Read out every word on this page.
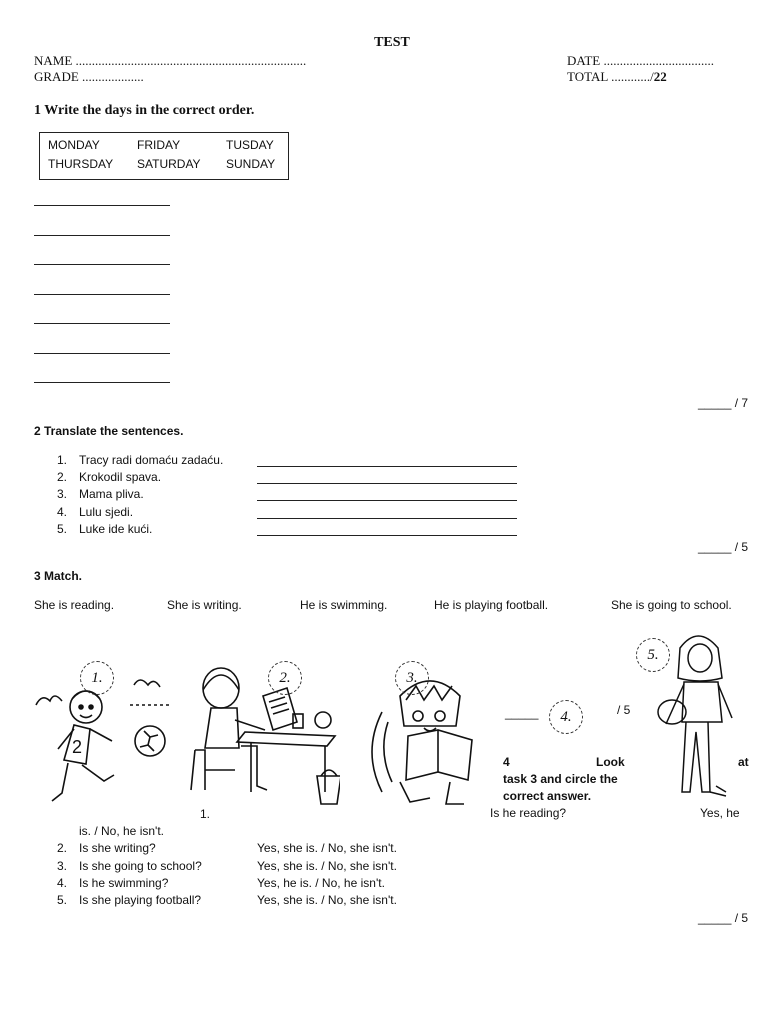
TEST
NAME .......................................................................
GRADE ...................
DATE ..................................
TOTAL ............/22
1 Write the days in the correct order.
MONDAY	FRIDAY	TUSDAY
THURSDAY SATURDAY SUNDAY
_____ / 7
2 Translate the sentences.
1. Tracy radi domaću zadaću.
2. Krokodil spava.
3. Mama pliva.
4. Lulu sjedi.
5. Luke ide kući.
_____ / 5
3 Match.
She is reading.	She is writing.	He is swimming.	He is playing football.	She is going to school.
2
1.	2.	3.
_____	4.	/ 5
5.
4	Look	at
task 3 and circle the
correct answer.
1.	Is he reading?	Yes, he
is. / No, he isn't.
2. Is she writing?	Yes, she is. / No, she isn't.
3. Is she going to school?	Yes, she is. / No, she isn't.
4. Is he swimming?	Yes, he is. / No, he isn't.
5. Is she playing football?	Yes, she is. / No, she isn't.
_____ / 5
